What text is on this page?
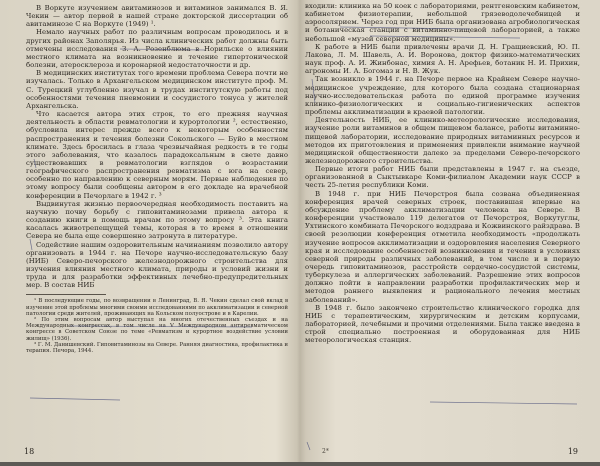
В Воркуте изучением авитаминозов и витаминов занимался В. Я. Чекин — автор первой в нашей стране докторской диссертации об авитаминозе С на Воркуте (1949) ¹.

Немало научных работ по различным вопросам проводилось и в других районах Заполярья. Из числа клинических работ должны быть отмечены исследования З. А. Розенблюма в Норильске о влиянии местного климата на возникновение и течение гипертонической болезни, атеросклероза и коронарной недостаточности и др.

В медицинских институтах того времени проблема Севера почти не изучалась. Только в Архангельском медицинском институте проф. М. С. Турецкий углубленно изучал в трудах институтскую работы под особенностями течения пневмонии и сосудистого тонуса у жителей Архангельска.

Что касается автора этих строк, то его прежняя научная деятельность в области ревматологии и курортологии ², естественно, обусловила интерес прежде всего к некоторым особенностям распространения и течения болезни Сокольского — Буйо в местном климате. Здесь бросилась в глаза чрезвычайная редкость в те годы этого заболевания, что казалось парадоксальным в свете давно существовавших в ревматологии взглядов о возрастании географического распространения ревматизма с юга на север, особенно по направлению к северным морям. Первые наблюдения по этому вопросу были сообщены автором в его докладе на врачебной конференции в Печорлаге в 1942 г. ³

Выдвинутая жизнью первоочередная необходимость поставить на научную почву борьбу с гиповитаминозами привела автора к созданию книги в помощь врачам по этому вопросу ³. Эта книга касалась животрепещущей темы, которая в то время в отношении Севера не была еще совершенно затронута в литературе.

Содействие нашим оздоровительным начинаниям позволило автору организовать в 1944 г. на Печоре научно-исследовательскую базу (НИБ) Северо-печорского железнодорожного строительства для изучения влияния местного климата, природы и условий жизни и труда и для разработки эффективных лечебно-предупредительных мер. В состав НИБ

¹ В последующие годы, по возвращении в Ленинград, В. Я. Чекин сделал свой вклад в изучение этой проблемы многими своими исследованиями по акклиматизации и северной патологии среди жителей, проживающих на Кольском полуострове и в Карелии.

² По этим вопросам автор выступал на многих отечественных съездах и на Международных конгрессах, в том числе на V Международном антиревматическом конгрессе в Советском Союзе по теме «Ревматизм и курортное воздействие условии жилищ» (1936).

³ Г. М. Данишевский. Гиповитаминозы на Севере. Ранняя диагностика, профилактика и терапия. Печора, 1944.

входили: клиника на 50 коек с лабораториями, рентгеновским кабинетом, кабинетом физиотерапии, небольшой грязеводолечебницей и аэросолярием. Через год при НИБ была организована агробиологическая и ботаническая станции с витаминно-пищевой лабораторией, а также небольшой «музей северной медицины».

К работе в НИБ были привлечены врачи Д. Н. Гращиевский, Ю. П. Лакова, Л. М. Шавель, А. И. Воронова, доктор физико-математических наук проф. А. И. Жинбонас, химия А. Н. Арефьев, ботаник Н. И. Прихин, агрономы И. А. Богомаз и Н. В. Жук.

Так возникло в 1944 г. на Печоре первое на Крайнем Севере научно-медицинское учреждение, для которого была создана стационарная научно-исследовательская работа по единой программе изучения клинико-физиологических и социально-гигиенических аспектов проблемы акклиматизации в краевой патологии.

Деятельность НИБ, ее клинико-метеорологические исследования, изучение роли витаминов в общем пищевом балансе, работы витаминно-пищевой лаборатории, исследование природных витаминных ресурсов и методов их приготовления и применения привлекли внимание научной медицинской общественности далеко за пределами Северо-печорского железнодорожного строительства.

Первые итоги работ НИБ были представлены в 1947 г. на съезде, организованной в Сыктывкаре Коми-филиалом Академии наук СССР в честь 25-летия республики Коми.

В 1948 г. при НИБ Печорстроя была созвана объединенная конференция врачей северных строек, поставившая впервые на обсуждение проблему акклиматизации человека на Севере. В конференции участвовало 119 делегатов от Печорстроя, Воркутуглы, Ухтинского комбината Печорского водздрава и Кожвинского райздрава. В своей резолюции конференция отметила необходимость «продолжать изучение вопросов акклиматизации и оздоровления населения Северного края и исследование особенностей возникновения и течения в условиях северной природы различных заболеваний, в том числе и в первую очередь гиповитаминозов, расстройств сердечно-сосудистой системы, туберкулеза и аллергических заболеваний. Разрешение этих вопросов должно пойти в направлении разработки профилактических мер и методов раннего выявления и рационального лечения местных заболеваний».

В 1948 г. было закончено строительство клинического городка для НИБ с терапевтическим, хирургическим и детским корпусами, лабораторией, лечебными и прочими отделениями. Была также введена в строй специально построенная и оборудованная для НИБ метеорологическая станция.

18	2*	19
